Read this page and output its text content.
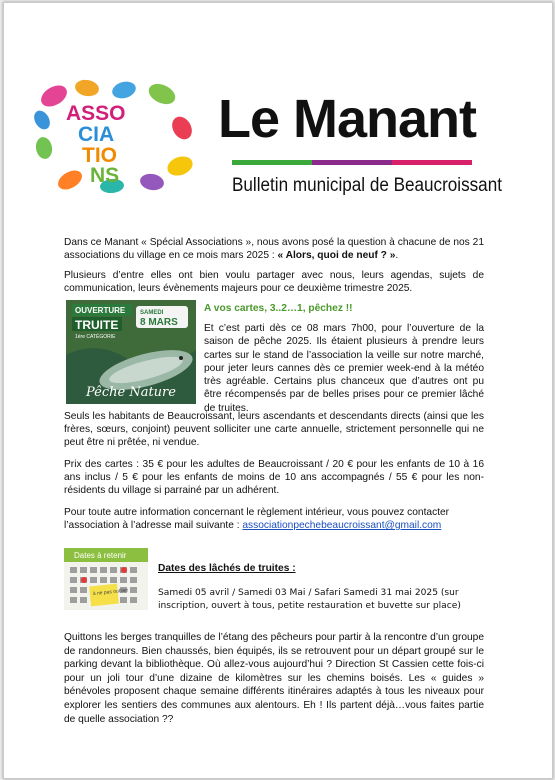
ASSO
CIA
TIO
NS
Le Manant
Bulletin municipal de Beaucroissant
Dans ce Manant « Spécial Associations », nous avons posé la question à chacune de nos 21 associations du village en ce mois mars 2025 : « Alors, quoi de neuf ? ».
Plusieurs d’entre elles ont bien voulu partager avec nous, leurs agendas, sujets de communication, leurs évènements majeurs pour ce deuxième trimestre 2025.
OUVERTURE
TRUITE
1ère CATÉGORIE
SAMEDI
8 MARS
Pêche Nature
A vos cartes, 3..2…1, pêchez !!
Et c’est parti dès ce 08 mars 7h00, pour l’ouverture de la saison de pêche 2025. Ils étaient plusieurs à prendre leurs cartes sur le stand de l’association la veille sur notre marché, pour jeter leurs cannes dès ce premier week-end à la météo très agréable. Certains plus chanceux que d’autres ont pu être récompensés par de belles prises pour ce premier lâché de truites.
Seuls les habitants de Beaucroissant, leurs ascendants et descendants directs (ainsi que les frères, sœurs, conjoint) peuvent solliciter une carte annuelle, strictement personnelle qui ne peut être ni prêtée, ni vendue.
Prix des cartes : 35 € pour les adultes de Beaucroissant / 20 € pour les enfants de 10 à 16 ans inclus / 5 € pour les enfants de moins de 10 ans accompagnés / 55 € pour les non-résidents du village si parrainé par un adhérent.
Pour toute autre information concernant le règlement intérieur, vous pouvez contacter l’association à l’adresse mail suivante : associationpechebeaucroissant@gmail.com
Dates à retenir
à ne pas oublier
Dates des lâchés de truites :
Samedi 05 avril / Samedi 03 Mai / Safari Samedi 31 mai 2025 (sur inscription, ouvert à tous, petite restauration et buvette sur place)
Quittons les berges tranquilles de l’étang des pêcheurs pour partir à la rencontre d’un groupe de randonneurs. Bien chaussés, bien équipés, ils se retrouvent pour un départ groupé sur le parking devant la bibliothèque. Où allez-vous aujourd’hui ? Direction St Cassien cette fois-ci pour un joli tour d’une dizaine de kilomètres sur les chemins boisés. Les « guides » bénévoles proposent chaque semaine différents itinéraires adaptés à tous les niveaux pour explorer les sentiers des communes aux alentours. Eh ! Ils partent déjà…vous faites partie de quelle association ??
